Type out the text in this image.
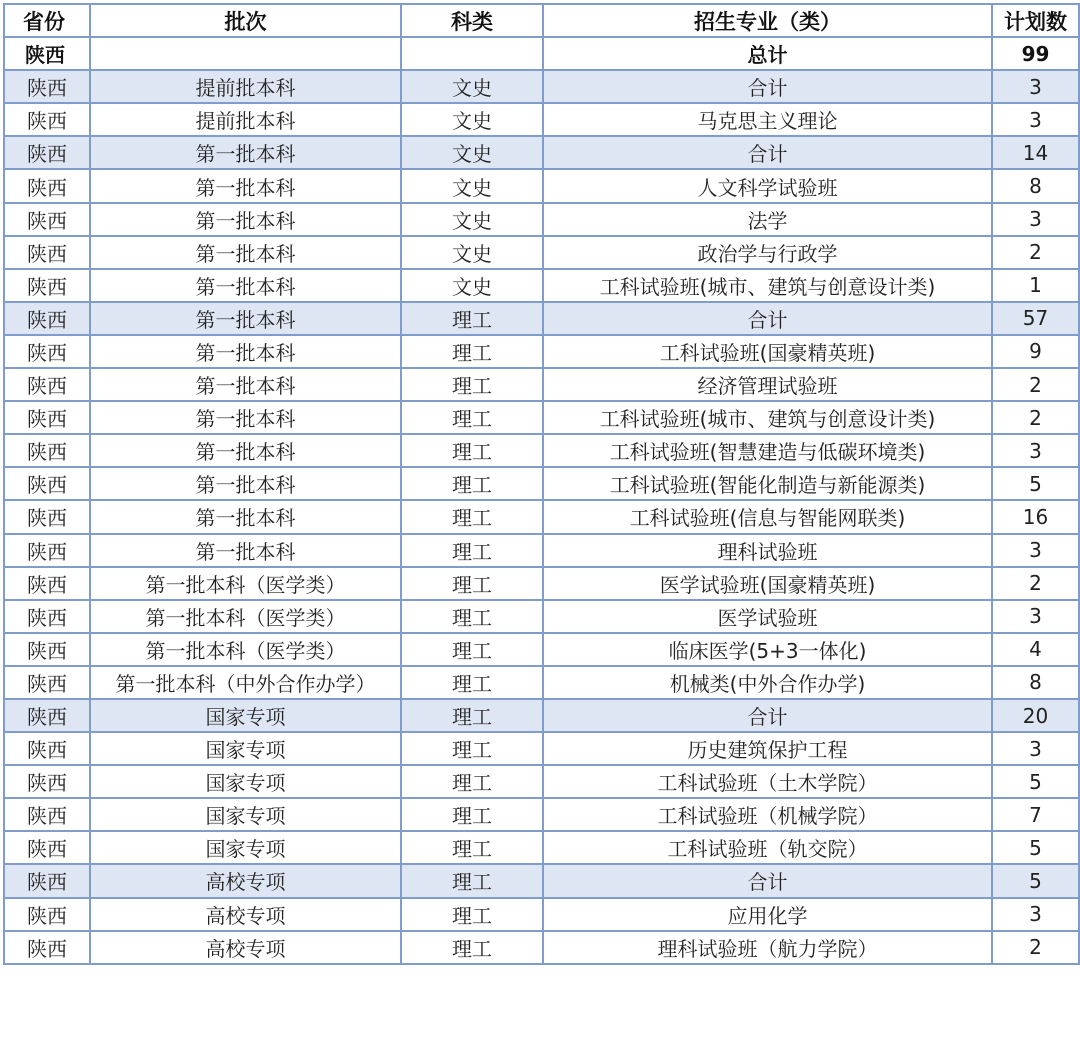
省份	批次	科类	招生专业（类）	计划数
陕西			总计	99
陕西	提前批本科	文史	合计	3
陕西	提前批本科	文史	马克思主义理论	3
陕西	第一批本科	文史	合计	14
陕西	第一批本科	文史	人文科学试验班	8
陕西	第一批本科	文史	法学	3
陕西	第一批本科	文史	政治学与行政学	2
陕西	第一批本科	文史	工科试验班(城市、建筑与创意设计类)	1
陕西	第一批本科	理工	合计	57
陕西	第一批本科	理工	工科试验班(国豪精英班)	9
陕西	第一批本科	理工	经济管理试验班	2
陕西	第一批本科	理工	工科试验班(城市、建筑与创意设计类)	2
陕西	第一批本科	理工	工科试验班(智慧建造与低碳环境类)	3
陕西	第一批本科	理工	工科试验班(智能化制造与新能源类)	5
陕西	第一批本科	理工	工科试验班(信息与智能网联类)	16
陕西	第一批本科	理工	理科试验班	3
陕西	第一批本科（医学类）	理工	医学试验班(国豪精英班)	2
陕西	第一批本科（医学类）	理工	医学试验班	3
陕西	第一批本科（医学类）	理工	临床医学(5+3一体化)	4
陕西	第一批本科（中外合作办学）	理工	机械类(中外合作办学)	8
陕西	国家专项	理工	合计	20
陕西	国家专项	理工	历史建筑保护工程	3
陕西	国家专项	理工	工科试验班（土木学院）	5
陕西	国家专项	理工	工科试验班（机械学院）	7
陕西	国家专项	理工	工科试验班（轨交院）	5
陕西	高校专项	理工	合计	5
陕西	高校专项	理工	应用化学	3
陕西	高校专项	理工	理科试验班（航力学院）	2
